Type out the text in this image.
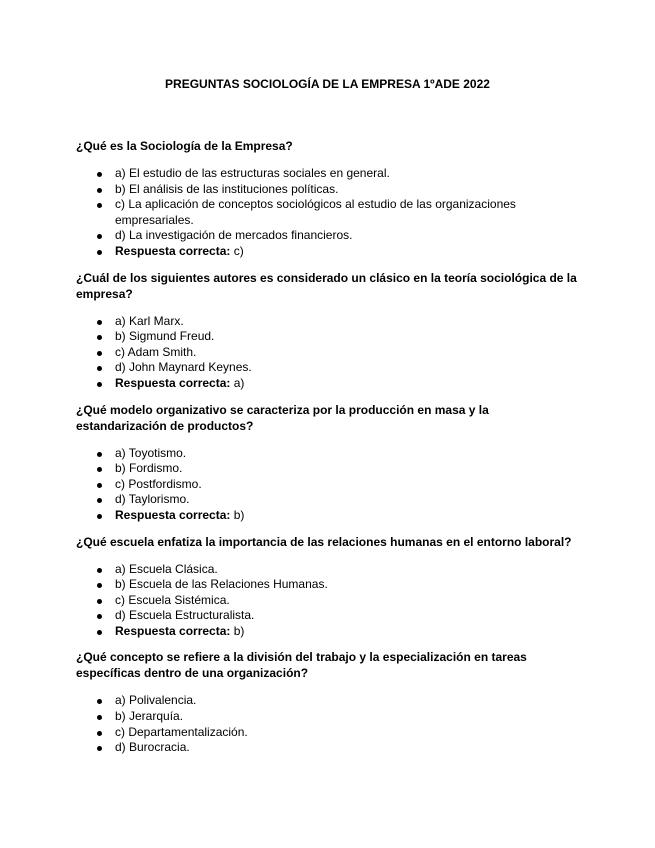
PREGUNTAS SOCIOLOGÍA DE LA EMPRESA 1ºADE 2022

¿Qué es la Sociología de la Empresa?

a) El estudio de las estructuras sociales en general.
b) El análisis de las instituciones políticas.
c) La aplicación de conceptos sociológicos al estudio de las organizaciones empresariales.
d) La investigación de mercados financieros.
Respuesta correcta: c)

¿Cuál de los siguientes autores es considerado un clásico en la teoría sociológica de la empresa?

a) Karl Marx.
b) Sigmund Freud.
c) Adam Smith.
d) John Maynard Keynes.
Respuesta correcta: a)

¿Qué modelo organizativo se caracteriza por la producción en masa y la estandarización de productos?

a) Toyotismo.
b) Fordismo.
c) Postfordismo.
d) Taylorismo.
Respuesta correcta: b)

¿Qué escuela enfatiza la importancia de las relaciones humanas en el entorno laboral?

a) Escuela Clásica.
b) Escuela de las Relaciones Humanas.
c) Escuela Sistémica.
d) Escuela Estructuralista.
Respuesta correcta: b)

¿Qué concepto se refiere a la división del trabajo y la especialización en tareas específicas dentro de una organización?

a) Polivalencia.
b) Jerarquía.
c) Departamentalización.
d) Burocracia.
